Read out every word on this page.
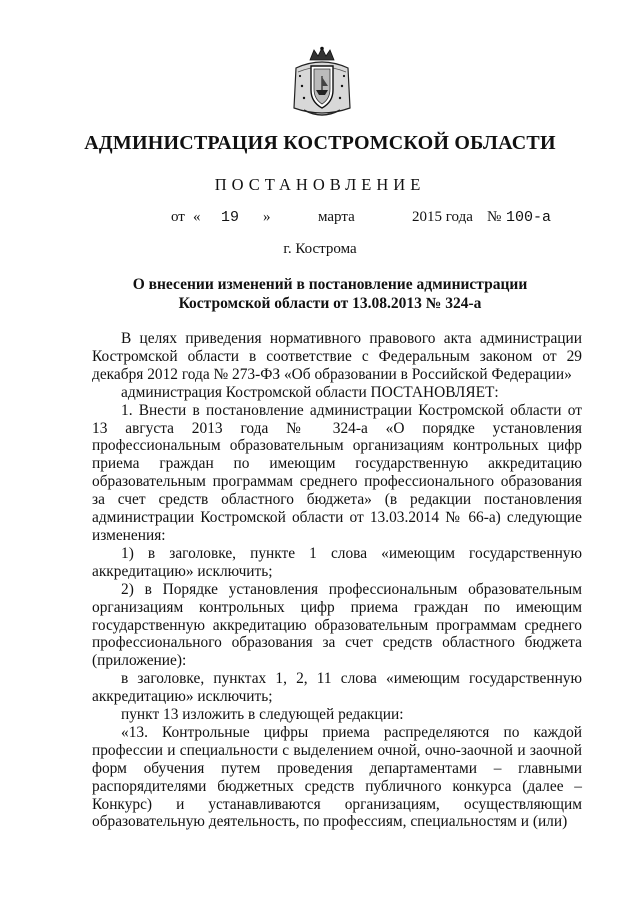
АДМИНИСТРАЦИЯ КОСТРОМСКОЙ ОБЛАСТИ
ПОСТАНОВЛЕНИЕ
от « 19 »	марта	2015 года № 100-а
г. Кострома
О внесении изменений в постановление администрации
Костромской области от 13.08.2013 № 324-а

В целях приведения нормативного правового акта администрации Костромской области в соответствие с Федеральным законом от 29 декабря 2012 года № 273-ФЗ «Об образовании в Российской Федерации»

администрация Костромской области ПОСТАНОВЛЯЕТ:

1. Внести в постановление администрации Костромской области от 13 августа 2013 года № 324-а «О порядке установления профессиональным образовательным организациям контрольных цифр приема граждан по имеющим государственную аккредитацию образовательным программам среднего профессионального образования за счет средств областного бюджета» (в редакции постановления администрации Костромской области от 13.03.2014 № 66-а) следующие изменения:

1) в заголовке, пункте 1 слова «имеющим государственную аккредитацию» исключить;

2) в Порядке установления профессиональным образовательным организациям контрольных цифр приема граждан по имеющим государственную аккредитацию образовательным программам среднего профессионального образования за счет средств областного бюджета (приложение):

в заголовке, пунктах 1, 2, 11 слова «имеющим государственную аккредитацию» исключить;

пункт 13 изложить в следующей редакции:

«13. Контрольные цифры приема распределяются по каждой профессии и специальности с выделением очной, очно-заочной и заочной форм обучения путем проведения департаментами – главными распорядителями бюджетных средств публичного конкурса (далее – Конкурс) и устанавливаются организациям, осуществляющим образовательную деятельность, по профессиям, специальностям и (или)
